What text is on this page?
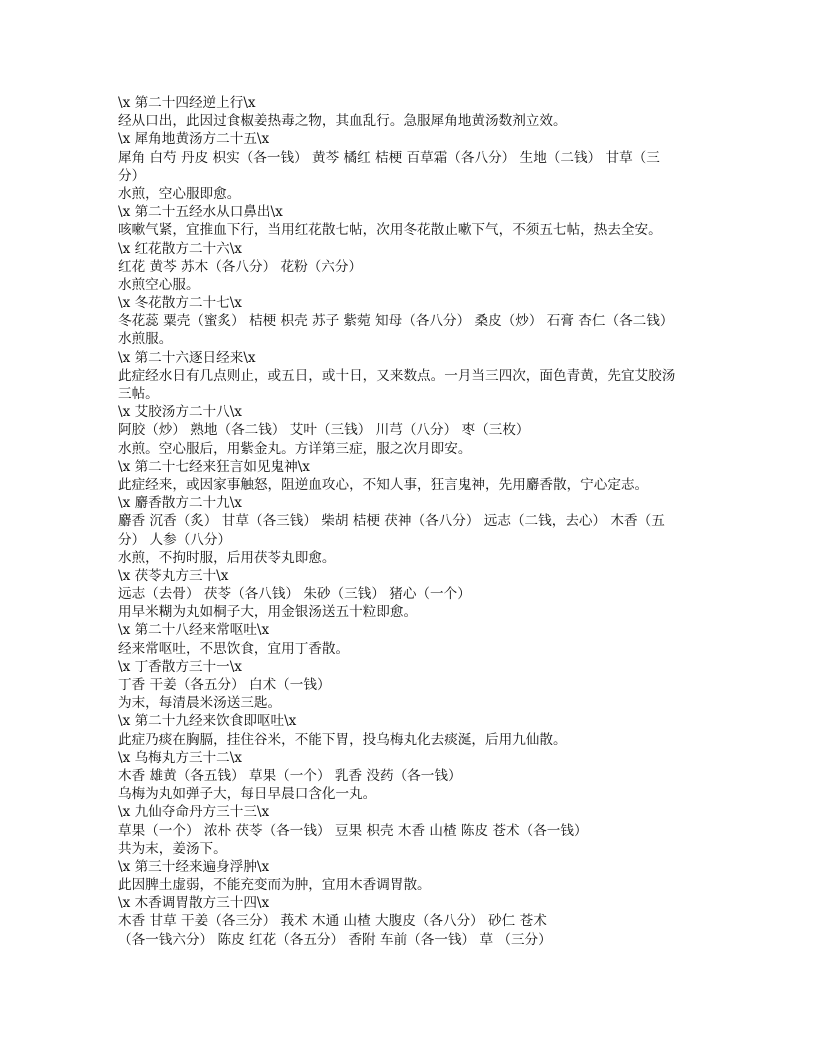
\x 第二十四经逆上行\x
经从口出，此因过食椒姜热毒之物，其血乱行。急服犀角地黄汤数剂立效。
\x 犀角地黄汤方二十五\x
犀角 白芍 丹皮 枳实（各一钱） 黄芩 橘红 桔梗 百草霜（各八分） 生地（二钱） 甘草（三
分）
水煎，空心服即愈。
\x 第二十五经水从口鼻出\x
咳嗽气紧，宜推血下行，当用红花散七帖，次用冬花散止嗽下气，不须五七帖，热去全安。
\x 红花散方二十六\x
红花 黄芩 苏木（各八分） 花粉（六分）
水煎空心服。
\x 冬花散方二十七\x
冬花蕊 粟壳（蜜炙） 桔梗 枳壳 苏子 紫菀 知母（各八分） 桑皮（炒） 石膏 杏仁（各二钱）
水煎服。
\x 第二十六逐日经来\x
此症经水日有几点则止，或五日，或十日，又来数点。一月当三四次，面色青黄，先宜艾胶汤
三帖。
\x 艾胶汤方二十八\x
阿胶（炒） 熟地（各二钱） 艾叶（三钱） 川芎（八分） 枣（三枚）
水煎。空心服后，用紫金丸。方详第三症，服之次月即安。
\x 第二十七经来狂言如见鬼神\x
此症经来，或因家事触怒，阻逆血攻心，不知人事，狂言鬼神，先用麝香散，宁心定志。
\x 麝香散方二十九\x
麝香 沉香（炙） 甘草（各三钱） 柴胡 桔梗 茯神（各八分） 远志（二钱，去心） 木香（五
分） 人参（八分）
水煎，不拘时服，后用茯苓丸即愈。
\x 茯苓丸方三十\x
远志（去骨） 茯苓（各八钱） 朱砂（三钱） 猪心（一个）
用早米糊为丸如桐子大，用金银汤送五十粒即愈。
\x 第二十八经来常呕吐\x
经来常呕吐，不思饮食，宜用丁香散。
\x 丁香散方三十一\x
丁香 干姜（各五分） 白术（一钱）
为末，每清晨米汤送三匙。
\x 第二十九经来饮食即呕吐\x
此症乃痰在胸膈，挂住谷米，不能下胃，投乌梅丸化去痰涎，后用九仙散。
\x 乌梅丸方三十二\x
木香 雄黄（各五钱） 草果（一个） 乳香 没药（各一钱）
乌梅为丸如弹子大，每日早晨口含化一丸。
\x 九仙夺命丹方三十三\x
草果（一个） 浓朴 茯苓（各一钱） 豆果 枳壳 木香 山楂 陈皮 苍术（各一钱）
共为末，姜汤下。
\x 第三十经来遍身浮肿\x
此因脾土虚弱，不能充变而为肿，宜用木香调胃散。
\x 木香调胃散方三十四\x
木香 甘草 干姜（各三分） 莪术 木通 山楂 大腹皮（各八分） 砂仁 苍术
（各一钱六分） 陈皮 红花（各五分） 香附 车前（各一钱） 草 （三分）
